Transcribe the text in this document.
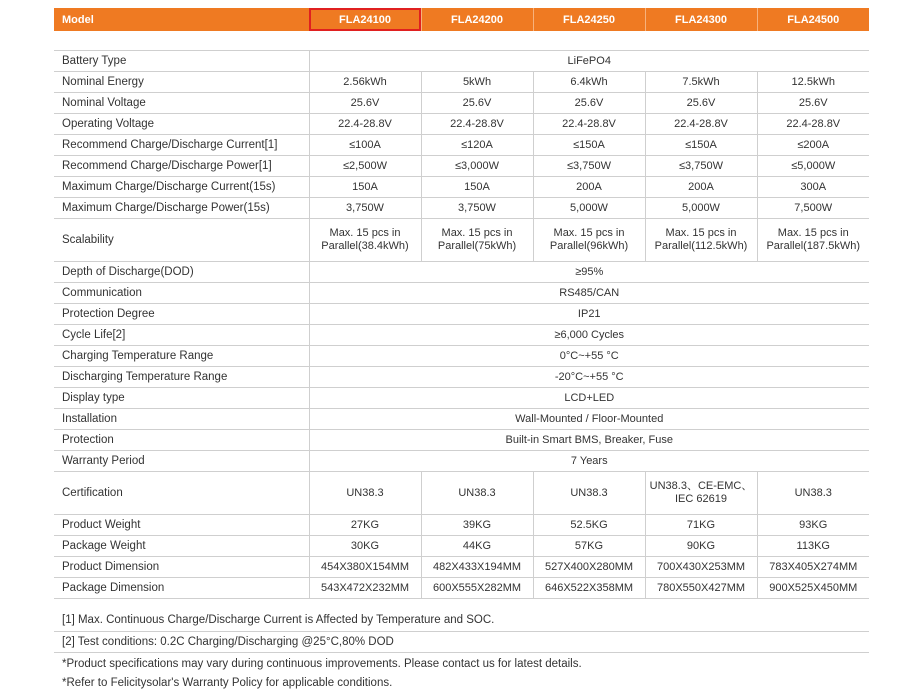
Model	FLA24100	FLA24200	FLA24250	FLA24300	FLA24500

Battery Type	LiFePO4				
Nominal Energy	2.56kWh	5kWh	6.4kWh	7.5kWh	12.5kWh
Nominal Voltage	25.6V	25.6V	25.6V	25.6V	25.6V
Operating Voltage	22.4-28.8V	22.4-28.8V	22.4-28.8V	22.4-28.8V	22.4-28.8V
Recommend Charge/Discharge Current[1]	≤100A	≤120A	≤150A	≤150A	≤200A
Recommend Charge/Discharge Power[1]	≤2,500W	≤3,000W	≤3,750W	≤3,750W	≤5,000W
Maximum Charge/Discharge Current(15s)	150A	150A	200A	200A	300A
Maximum Charge/Discharge Power(15s)	3,750W	3,750W	5,000W	5,000W	7,500W
Scalability	Max. 15 pcs in Parallel(38.4kWh)	Max. 15 pcs in Parallel(75kWh)	Max. 15 pcs in Parallel(96kWh)	Max. 15 pcs in Parallel(112.5kWh)	Max. 15 pcs in Parallel(187.5kWh)
Depth of Discharge(DOD)	≥95%				
Communication	RS485/CAN				
Protection Degree	IP21				
Cycle Life[2]	≥6,000 Cycles				
Charging Temperature Range	0°C~+55 °C				
Discharging Temperature Range	-20°C~+55 °C				
Display type	LCD+LED				
Installation	Wall-Mounted / Floor-Mounted				
Protection	Built-in Smart BMS, Breaker, Fuse				
Warranty Period	7 Years				
Certification	UN38.3	UN38.3	UN38.3	UN38.3、CE-EMC、IEC 62619	UN38.3
Product Weight	27KG	39KG	52.5KG	71KG	93KG
Package Weight	30KG	44KG	57KG	90KG	113KG
Product Dimension	454X380X154MM	482X433X194MM	527X400X280MM	700X430X253MM	783X405X274MM
Package Dimension	543X472X232MM	600X555X282MM	646X522X358MM	780X550X427MM	900X525X450MM
[1] Max. Continuous Charge/Discharge Current is Affected by Temperature and SOC.
[2] Test conditions: 0.2C Charging/Discharging @25°C,80% DOD
*Product specifications may vary during continuous improvements. Please contact us for latest details.
*Refer to Felicitysolar's Warranty Policy for applicable conditions.
